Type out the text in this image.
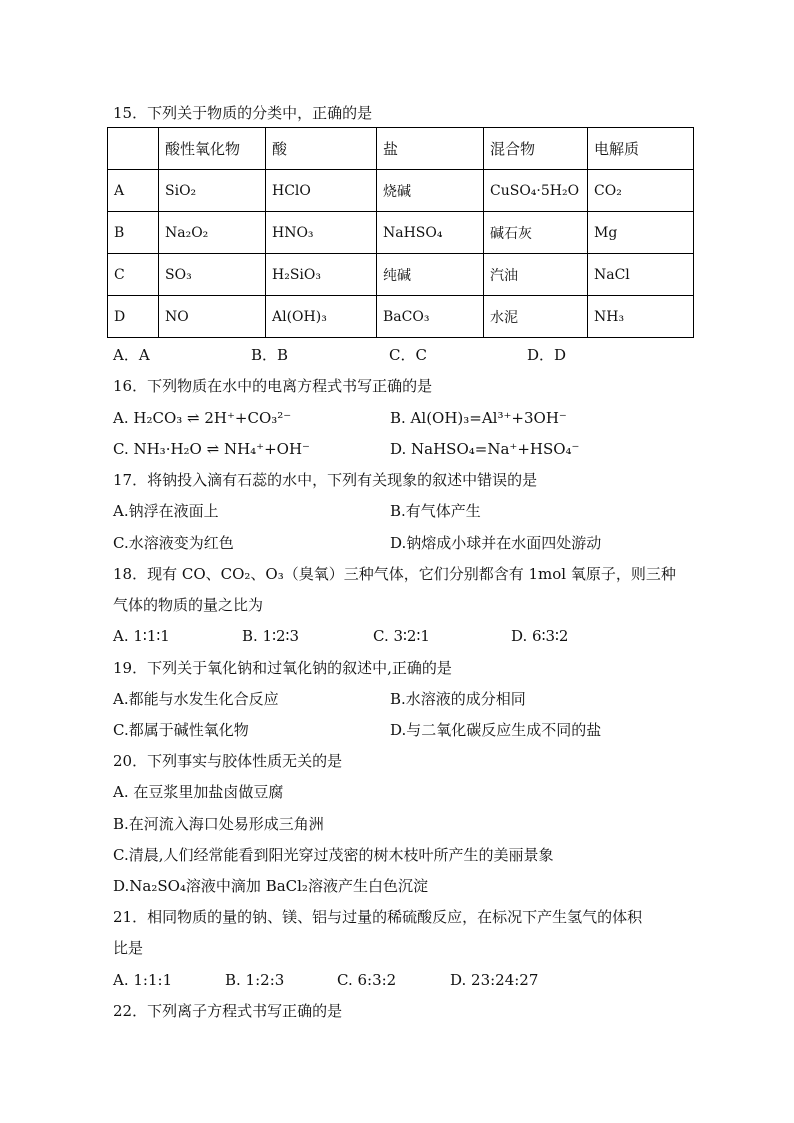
15．下列关于物质的分类中，正确的是
	酸性氧化物	酸	盐	混合物	电解质
A	SiO₂	HClO	烧碱	CuSO₄·5H₂O	CO₂
B	Na₂O₂	HNO₃	NaHSO₄	碱石灰	Mg
C	SO₃	H₂SiO₃	纯碱	汽油	NaCl
D	NO	Al(OH)₃	BaCO₃	水泥	NH₃
A．A	B．B	C．C	D．D
16．下列物质在水中的电离方程式书写正确的是
A. H₂CO₃ ⇌ 2H⁺+CO₃²⁻	B. Al(OH)₃=Al³⁺+3OH⁻
C. NH₃·H₂O ⇌ NH₄⁺+OH⁻	D. NaHSO₄=Na⁺+HSO₄⁻
17．将钠投入滴有石蕊的水中，下列有关现象的叙述中错误的是
A.钠浮在液面上	B.有气体产生
C.水溶液变为红色	D.钠熔成小球并在水面四处游动
18．现有 CO、CO₂、O₃（臭氧）三种气体，它们分别都含有 1mol 氧原子，则三种
气体的物质的量之比为
A. 1∶1∶1	B. 1∶2∶3	C. 3∶2∶1	D. 6∶3∶2
19．下列关于氧化钠和过氧化钠的叙述中,正确的是
A.都能与水发生化合反应	B.水溶液的成分相同
C.都属于碱性氧化物	D.与二氧化碳反应生成不同的盐
20．下列事实与胶体性质无关的是
A. 在豆浆里加盐卤做豆腐
B.在河流入海口处易形成三角洲
C.清晨,人们经常能看到阳光穿过茂密的树木枝叶所产生的美丽景象
D.Na₂SO₄溶液中滴加 BaCl₂溶液产生白色沉淀
21．相同物质的量的钠、镁、铝与过量的稀硫酸反应，在标况下产生氢气的体积
比是
A. 1:1:1	B. 1:2:3	C. 6:3:2	D. 23:24:27
22．下列离子方程式书写正确的是
